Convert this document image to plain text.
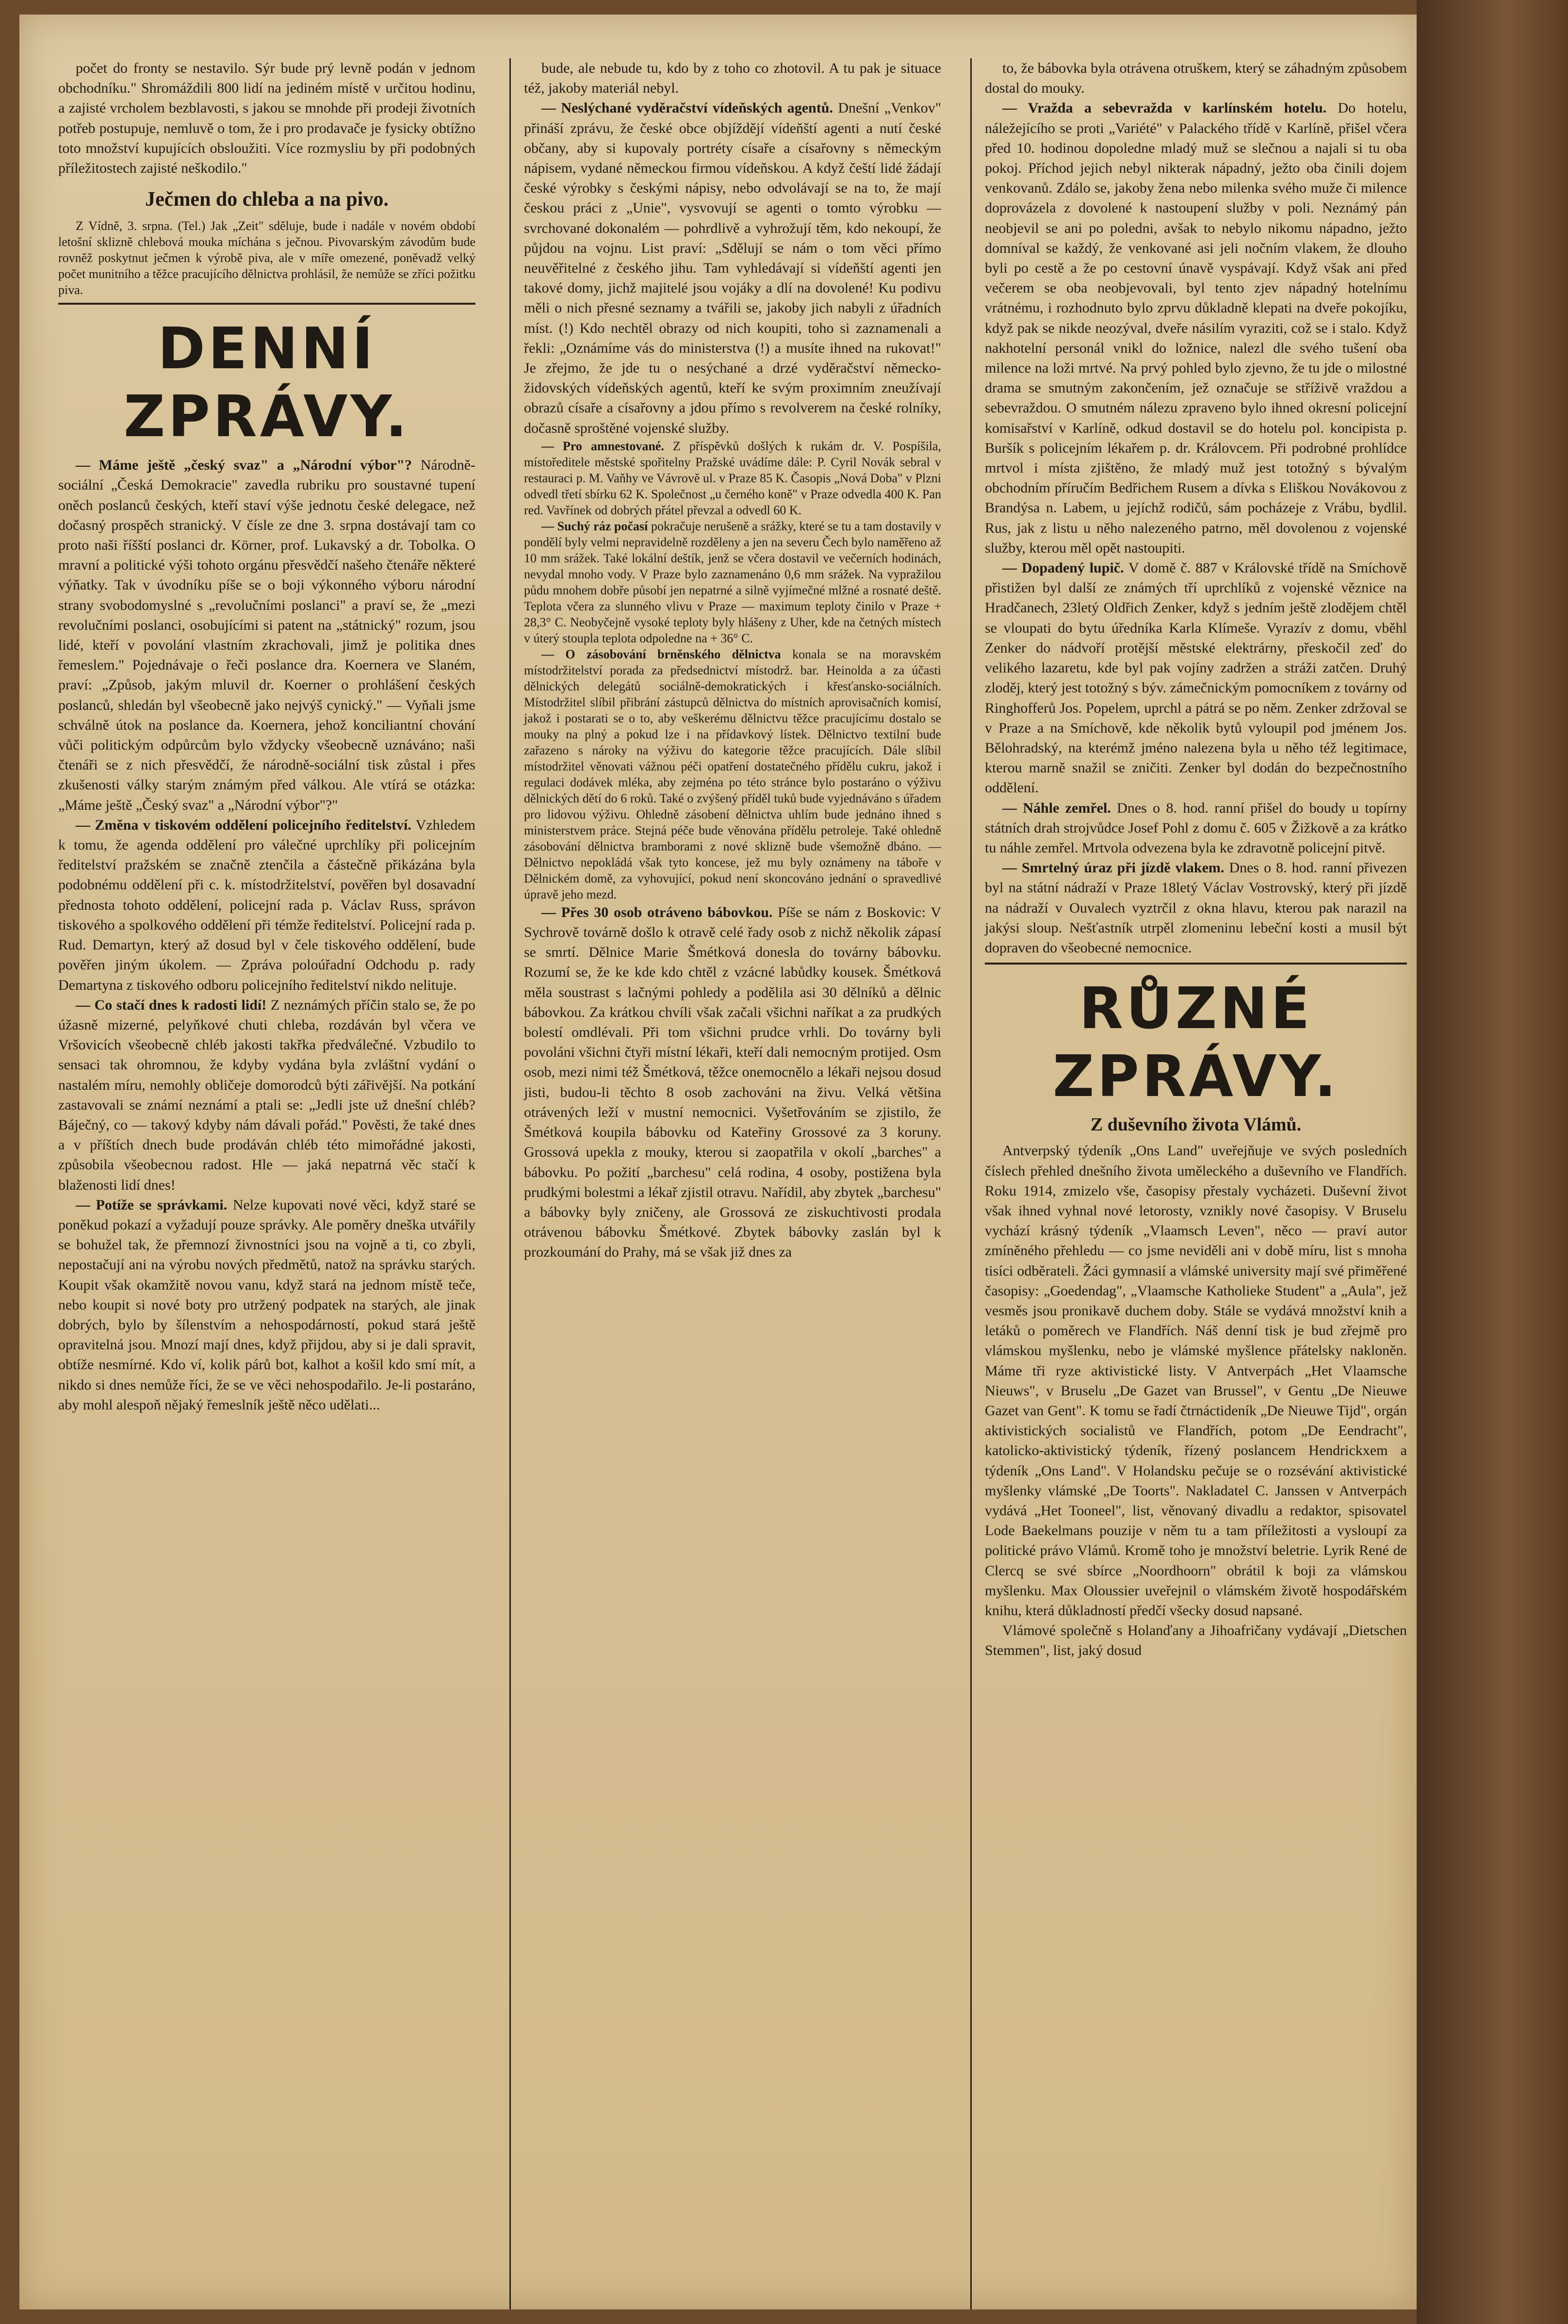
počet do fronty se nestavilo. Sýr bude prý levně podán v jednom obchodníku." Shromáždili 800 lidí na jediném místě v určitou hodinu, a zajisté vrcholem bezblavosti, s jakou se mnohde při prodeji životních potřeb postupuje, nemluvě o tom, že i pro prodavače je fysicky obtížno toto množství kupujících obsloužiti. Více rozmysliu by při podobných příležitostech zajisté neškodilo."

Ječmen do chleba a na pivo.

Z Vídně, 3. srpna. (Tel.) Jak „Zeit" sděluje, bude i nadále v novém období letošní sklizně chlebová mouka míchána s ječnou. Pivovarským závodům bude rovněž poskytnut ječmen k výrobě piva, ale v míře omezené, poněvadž velký počet munitního a těžce pracujícího dělnictva prohlásil, že nemůže se zříci požitku piva.

DENNÍ ZPRÁVY.

— Máme ještě „český svaz" a „Národní výbor"? Národně-sociální „Česká Demokracie" zavedla rubriku pro soustavné tupení oněch poslanců českých, kteří staví výše jednotu české delegace, než dočasný prospěch stranický. V čísle ze dne 3. srpna dostávají tam co proto naši říšští poslanci dr. Körner, prof. Lukavský a dr. Tobolka. O mravní a politické výši tohoto orgánu přesvědčí našeho čtenáře některé výňatky. Tak v úvodníku píše se o boji výkonného výboru národní strany svobodomyslné s „revolučními poslanci" a praví se, že „mezi revolučními poslanci, osobujícími si patent na „státnický" rozum, jsou lidé, kteří v povolání vlastním zkrachovali, jimž je politika dnes řemeslem." Pojednávaje o řeči poslance dra. Koernera ve Slaném, praví: „Způsob, jakým mluvil dr. Koerner o prohlášení českých poslanců, shledán byl všeobecně jako nejvýš cynický." — Vyňali jsme schválně útok na poslance da. Koernera, jehož konciliantní chování vůči politickým odpůrcům bylo vždycky všeobecně uznáváno; naši čtenáři se z nich přesvědčí, že národně-sociální tisk zůstal i přes zkušenosti války starým známým před válkou. Ale vtírá se otázka: „Máme ještě „Český svaz" a „Národní výbor"?"

— Změna v tiskovém oddělení policejního ředitelství. Vzhledem k tomu, že agenda oddělení pro válečné uprchlíky při policejním ředitelství pražském se značně ztenčila a částečně přikázána byla podobnému oddělení při c. k. místodržitelství, pověřen byl dosavadní přednosta tohoto oddělení, policejní rada p. Václav Russ, správon tiskového a spolkového oddělení při témže ředitelství. Policejní rada p. Rud. Demartyn, který až dosud byl v čele tiskového oddělení, bude pověřen jiným úkolem. — Zpráva poloúřadní Odchodu p. rady Demartyna z tiskového odboru policejního ředitelství nikdo nelituje.

— Co stačí dnes k radosti lidí! Z neznámých příčin stalo se, že po úžasně mizerné, pelyňkové chuti chleba, rozdáván byl včera ve Vršovicích všeobecně chléb jakosti takřka předválečné. Vzbudilo to sensaci tak ohromnou, že kdyby vydána byla zvláštní vydání o nastalém míru, nemohly obličeje domorodců býti zářivější. Na potkání zastavovali se známí neznámí a ptali se: „Jedli jste už dnešní chléb? Báječný, co — takový kdyby nám dávali pořád." Pověsti, že také dnes a v příštích dnech bude prodáván chléb této mimořádné jakosti, způsobila všeobecnou radost. Hle — jaká nepatrná věc stačí k blaženosti lidí dnes!

— Potíže se správkami. Nelze kupovati nové věci, když staré se poněkud pokazí a vyžadují pouze správky. Ale poměry dneška utvářily se bohužel tak, že přemnozí živnostníci jsou na vojně a ti, co zbyli, nepostačují ani na výrobu nových předmětů, natož na správku starých. Koupit však okamžitě novou vanu, když stará na jednom místě teče, nebo koupit si nové boty pro utržený podpatek na starých, ale jinak dobrých, bylo by šílenstvím a nehospodárností, pokud stará ještě opravitelná jsou. Mnozí mají dnes, když přijdou, aby si je dali spravit, obtíže nesmírné. Kdo ví, kolik párů bot, kalhot a košil kdo smí mít, a nikdo si dnes nemůže říci, že se ve věci nehospodařilo. Je-li postaráno, aby mohl alespoň nějaký řemeslník ještě něco udělati...

bude, ale nebude tu, kdo by z toho co zhotovil. A tu pak je situace též, jakoby materiál nebyl.

— Neslýchané vyděračství vídeňských agentů. Dnešní „Venkov" přináší zprávu, že české obce objíždějí vídeňští agenti a nutí české občany, aby si kupovaly portréty císaře a císařovny s německým nápisem, vydané německou firmou vídeňskou. A když čeští lidé žádají české výrobky s českými nápisy, nebo odvolávají se na to, že mají českou práci z „Unie", vysvovují se agenti o tomto výrobku — svrchované dokonalém — pohrdlivě a vyhrožují těm, kdo nekoupí, že půjdou na vojnu. List praví: „Sdělují se nám o tom věci přímo neuvěřitelné z českého jihu. Tam vyhledávají si vídeňští agenti jen takové domy, jichž majitelé jsou vojáky a dlí na dovolené! Ku podivu měli o nich přesné seznamy a tvářili se, jakoby jich nabyli z úřadních míst. (!) Kdo nechtěl obrazy od nich koupiti, toho si zaznamenali a řekli: „Oznámíme vás do ministerstva (!) a musíte ihned na rukovat!" Je zřejmo, že jde tu o nesýchané a drzé vyděračství německo-židovských vídeňských agentů, kteří ke svým proximním zneužívají obrazů císaře a císařovny a jdou přímo s revolverem na české rolníky, dočasně sproštěné vojenské služby.

— Pro amnestované. Z příspěvků došlých k rukám dr. V. Pospíšila, místoředitele městské spořitelny Pražské uvádíme dále: P. Cyril Novák sebral v restauraci p. M. Vaňhy ve Vávrově ul. v Praze 85 K. Časopis „Nová Doba" v Plzni odvedl třetí sbírku 62 K. Společnost „u černého koně" v Praze odvedla 400 K. Pan red. Vavřínek od dobrých přátel převzal a odvedl 60 K.

— Suchý ráz počasí pokračuje nerušeně a srážky, které se tu a tam dostavily v pondělí byly velmi nepravidelně rozděleny a jen na severu Čech bylo naměřeno až 10 mm srážek. Také lokální deštík, jenž se včera dostavil ve večerních hodinách, nevydal mnoho vody. V Praze bylo zaznamenáno 0,6 mm srážek. Na vypražilou půdu mnohem dobře působí jen nepatrné a silně vyjímečné mlžné a rosnaté deště. Teplota včera za slunného vlivu v Praze — maximum teploty činilo v Praze + 28,3° C. Neobyčejně vysoké teploty byly hlášeny z Uher, kde na četných místech v úterý stoupla teplota odpoledne na + 36° C.

— O zásobování brněnského dělnictva konala se na moravském místodržitelství porada za předsednictví místodrž. bar. Heinolda a za účasti dělnických delegátů sociálně-demokratických i křesťansko-sociálních. Místodržitel slíbil přibrání zástupců dělnictva do místních aprovisačních komisí, jakož i postarati se o to, aby veškerému dělnictvu těžce pracujícímu dostalo se mouky na plný a pokud lze i na přídavkový lístek. Dělnictvo textilní bude zařazeno s nároky na výživu do kategorie těžce pracujících. Dále slíbil místodržitel věnovati vážnou péči opatření dostatečného přídělu cukru, jakož i regulaci dodávek mléka, aby zejména po této stránce bylo postaráno o výživu dělnických dětí do 6 roků. Také o zvýšený příděl tuků bude vyjednáváno s úřadem pro lidovou výživu. Ohledně zásobení dělnictva uhlím bude jednáno ihned s ministerstvem práce. Stejná péče bude věnována přídělu petroleje. Také ohledně zásobování dělnictva bramborami z nové sklizně bude všemožně dbáno. — Dělnictvo nepokládá však tyto koncese, jež mu byly oznámeny na táboře v Dělnickém domě, za vyhovující, pokud není skoncováno jednání o spravedlivé úpravě jeho mezd.

— Přes 30 osob otráveno bábovkou. Píše se nám z Boskovic: V Sychrově továrně došlo k otravě celé řady osob z nichž několik zápasí se smrtí. Dělnice Marie Šmétková donesla do továrny bábovku. Rozumí se, že ke kde kdo chtěl z vzácné labůdky kousek. Šmétková měla soustrast s lačnými pohledy a podělila asi 30 dělníků a dělnic bábovkou. Za krátkou chvíli však začali všichni naříkat a za prudkých bolestí omdlévali. Při tom všichni prudce vrhli. Do továrny byli povoláni všichni čtyři místní lékaři, kteří dali nemocným protijed. Osm osob, mezi nimi též Šmétková, těžce onemocnělo a lékaři nejsou dosud jisti, budou-li těchto 8 osob zachováni na živu. Velká většina otrávených leží v mustní nemocnici. Vyšetřováním se zjistilo, že Šmétková koupila bábovku od Kateřiny Grossové za 3 koruny. Grossová upekla z mouky, kterou si zaopatřila v okolí „barches" a bábovku. Po požití „barchesu" celá rodina, 4 osoby, postižena byla prudkými bolestmi a lékař zjistil otravu. Nařídil, aby zbytek „barchesu" a bábovky byly zničeny, ale Grossová ze ziskuchtivosti prodala otrávenou bábovku Šmétkové. Zbytek bábovky zaslán byl k prozkoumání do Prahy, má se však již dnes za

to, že bábovka byla otrávena otruškem, který se záhadným způsobem dostal do mouky.

— Vražda a sebevražda v karlínském hotelu. Do hotelu, náležejícího se proti „Variété" v Palackého třídě v Karlíně, přišel včera před 10. hodinou dopoledne mladý muž se slečnou a najali si tu oba pokoj. Příchod jejich nebyl nikterak nápadný, ježto oba činili dojem venkovanů. Zdálo se, jakoby žena nebo milenka svého muže či milence doprovázela z dovolené k nastoupení služby v poli. Neznámý pán neobjevil se ani po poledni, avšak to nebylo nikomu nápadno, ježto domníval se každý, že venkované asi jeli nočním vlakem, že dlouho byli po cestě a že po cestovní únavě vyspávají. Když však ani před večerem se oba neobjevovali, byl tento zjev nápadný hotelnímu vrátnému, i rozhodnuto bylo zprvu důkladně klepati na dveře pokojíku, když pak se nikde neozýval, dveře násilím vyraziti, což se i stalo. Když nakhotelní personál vnikl do ložnice, nalezl dle svého tušení oba milence na loži mrtvé. Na prvý pohled bylo zjevno, že tu jde o milostné drama se smutným zakončením, jež označuje se stříživě vraždou a sebevraždou. O smutném nálezu zpraveno bylo ihned okresní policejní komisařství v Karlíně, odkud dostavil se do hotelu pol. koncipista p. Buršík s policejním lékařem p. dr. Královcem. Při podrobné prohlídce mrtvol i místa zjištěno, že mladý muž jest totožný s bývalým obchodním příručím Bedřichem Rusem a dívka s Eliškou Novákovou z Brandýsa n. Labem, u jejíchž rodičů, sám pocházeje z Vrábu, bydlil. Rus, jak z listu u něho nalezeného patrno, měl dovolenou z vojenské služby, kterou měl opět nastoupiti.

— Dopadený lupič. V domě č. 887 v Královské třídě na Smíchově přistižen byl další ze známých tří uprchlíků z vojenské věznice na Hradčanech, 23letý Oldřich Zenker, když s jedním ještě zlodějem chtěl se vloupati do bytu úředníka Karla Klímeše. Vyrazív z domu, vběhl Zenker do nádvoří protější městské elektrárny, přeskočil zeď do velikého lazaretu, kde byl pak vojíny zadržen a stráži zatčen. Druhý zloděj, který jest totožný s býv. zámečnickým pomocníkem z továrny od Ringhofferů Jos. Popelem, uprchl a pátrá se po něm. Zenker zdržoval se v Praze a na Smíchově, kde několik bytů vyloupil pod jménem Jos. Bělohradský, na kterémž jméno nalezena byla u něho též legitimace, kterou marně snažil se zničiti. Zenker byl dodán do bezpečnostního oddělení.

— Náhle zemřel. Dnes o 8. hod. ranní přišel do boudy u topírny státních drah strojvůdce Josef Pohl z domu č. 605 v Žižkově a za krátko tu náhle zemřel. Mrtvola odvezena byla ke zdravotně policejní pitvě.

— Smrtelný úraz při jízdě vlakem. Dnes o 8. hod. ranní přivezen byl na státní nádraží v Praze 18letý Václav Vostrovský, který při jízdě na nádraží v Ouvalech vyztrčil z okna hlavu, kterou pak narazil na jakýsi sloup. Nešťastník utrpěl zlomeninu lebeční kosti a musil být dopraven do všeobecné nemocnice.

RŮZNÉ ZPRÁVY.
Z duševního života Vlámů.

Antverpský týdeník „Ons Land" uveřejňuje ve svých posledních číslech přehled dnešního života uměleckého a duševního ve Flandřích. Roku 1914, zmizelo vše, časopisy přestaly vycházeti. Duševní život však ihned vyhnal nové letorosty, vznikly nové časopisy. V Bruselu vychází krásný týdeník „Vlaamsch Leven", něco — praví autor zmíněného přehledu — co jsme neviděli ani v době míru, list s mnoha tisíci odběrateli. Žáci gymnasií a vlámské university mají své přiměřené časopisy: „Goedendag", „Vlaamsche Katholieke Student" a „Aula", jež vesměs jsou pronikavě duchem doby. Stále se vydává množství knih a letáků o poměrech ve Flandřích. Náš denní tisk je bud zřejmě pro vlámskou myšlenku, nebo je vlámské myšlence přátelsky nakloněn. Máme tři ryze aktivistické listy. V Antverpách „Het Vlaamsche Nieuws", v Bruselu „De Gazet van Brussel", v Gentu „De Nieuwe Gazet van Gent". K tomu se řadí čtrnáctideník „De Nieuwe Tijd", orgán aktivistických socialistů ve Flandřích, potom „De Eendracht", katolicko-aktivistický týdeník, řízený poslancem Hendrickxem a týdeník „Ons Land". V Holandsku pečuje se o rozsévání aktivistické myšlenky vlámské „De Toorts". Nakladatel C. Janssen v Antverpách vydává „Het Tooneel", list, věnovaný divadlu a redaktor, spisovatel Lode Baekelmans pouzije v něm tu a tam příležitosti a vysloupí za politické právo Vlámů. Kromě toho je množství beletrie. Lyrik René de Clercq se své sbírce „Noordhoorn" obrátil k boji za vlámskou myšlenku. Max Oloussier uveřejnil o vlámském životě hospodářském knihu, která důkladností předčí všecky dosud napsané.

Vlámové společně s Holanďany a Jihoafričany vydávají „Dietschen Stemmen", list, jaký dosud
